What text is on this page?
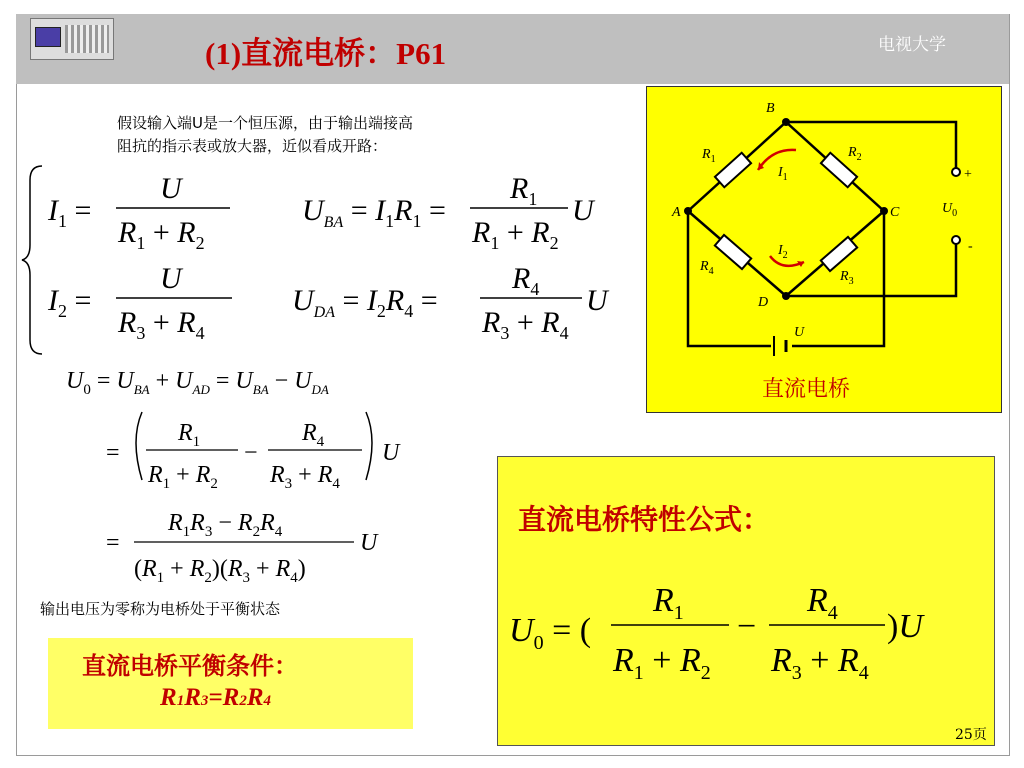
(1)直流电桥：P61	电视大学
假设输入端U是一个恒压源，由于输出端接高
阻抗的指示表或放大器，近似看成开路：
$I_1$ =
U
$R_1 + R_2$
$U_{BA} = I_1R_1$ =
$R_1$
$R_1 + R_2$
U
$I_2$ =
U
$R_3 + R_4$
$U_{DA} = I_2R_4$ =
$R_4$
$R_3 + R_4$
U
$U_0 = U_{BA} + U_{AD} = U_{BA} - U_{DA}$
=
$R_1$
$R_1 + R_2$
−
$R_4$
$R_3 + R_4$
U
=
$R_1R_3 - R_2R_4$
$(R_1 + R_2)(R_3 + R_4)$
U
输出电压为零称为电桥处于平衡状态
B
A	C
D
$R_1$	$R_2$
$R_3$
$R_4$
$I_1$
$I_2$
U
$U_0$
+
-
直流电桥
直流电桥特性公式：
$U_0$ = (
$R_1$
$R_1 + R_2$
−
$R_4$
$R_3 + R_4$
)U
直流电桥平衡条件：
R1R3=R2R4
25页
